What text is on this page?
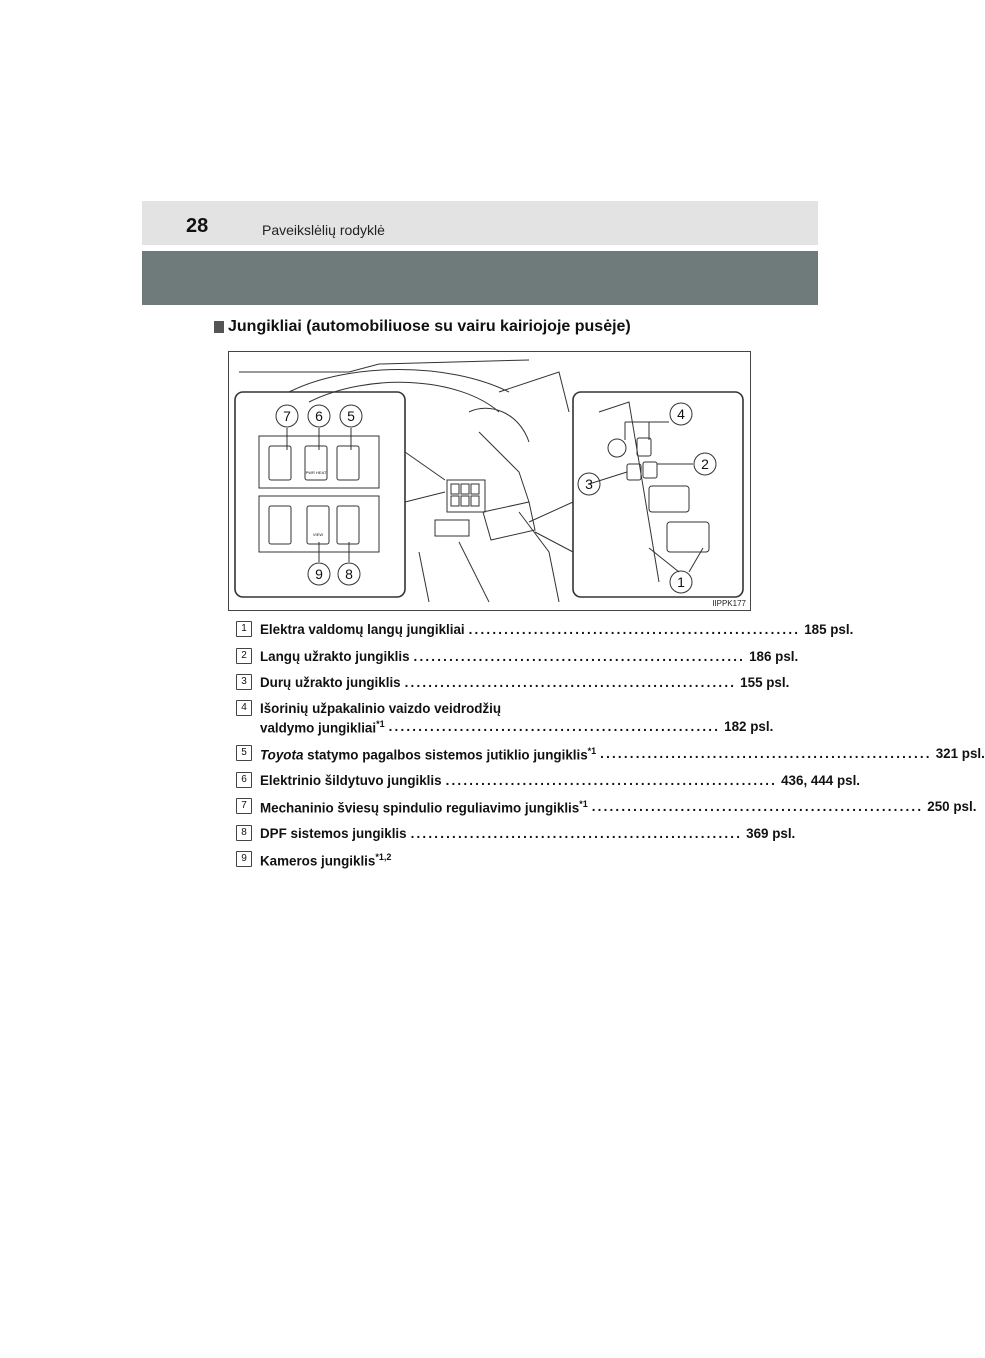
28	Paveikslėlių rodyklė
Jungikliai (automobiliuose su vairu kairiojoje pusėje)
7 6 5
9 8
4
2
3
1
PWR HEAT
VIEW
IIPPK177
1 Elektra valdomų langų jungikliai ........................................................ 185 psl.
2 Langų užrakto jungiklis ........................................................ 186 psl.
3 Durų užrakto jungiklis ........................................................ 155 psl.
4 Išorinių užpakalinio vaizdo veidrodžių
valdymo jungikliai$^{*1}$ ........................................................ 182 psl.
5 Toyota statymo pagalbos sistemos jutiklio jungiklis$^{*1}$ ........................................................ 321 psl.
6 Elektrinio šildytuvo jungiklis ........................................................ 436, 444 psl.
7 Mechaninio šviesų spindulio reguliavimo jungiklis$^{*1}$ ........................................................ 250 psl.
8 DPF sistemos jungiklis ........................................................ 369 psl.
9 Kameros jungiklis$^{*1,2}$
